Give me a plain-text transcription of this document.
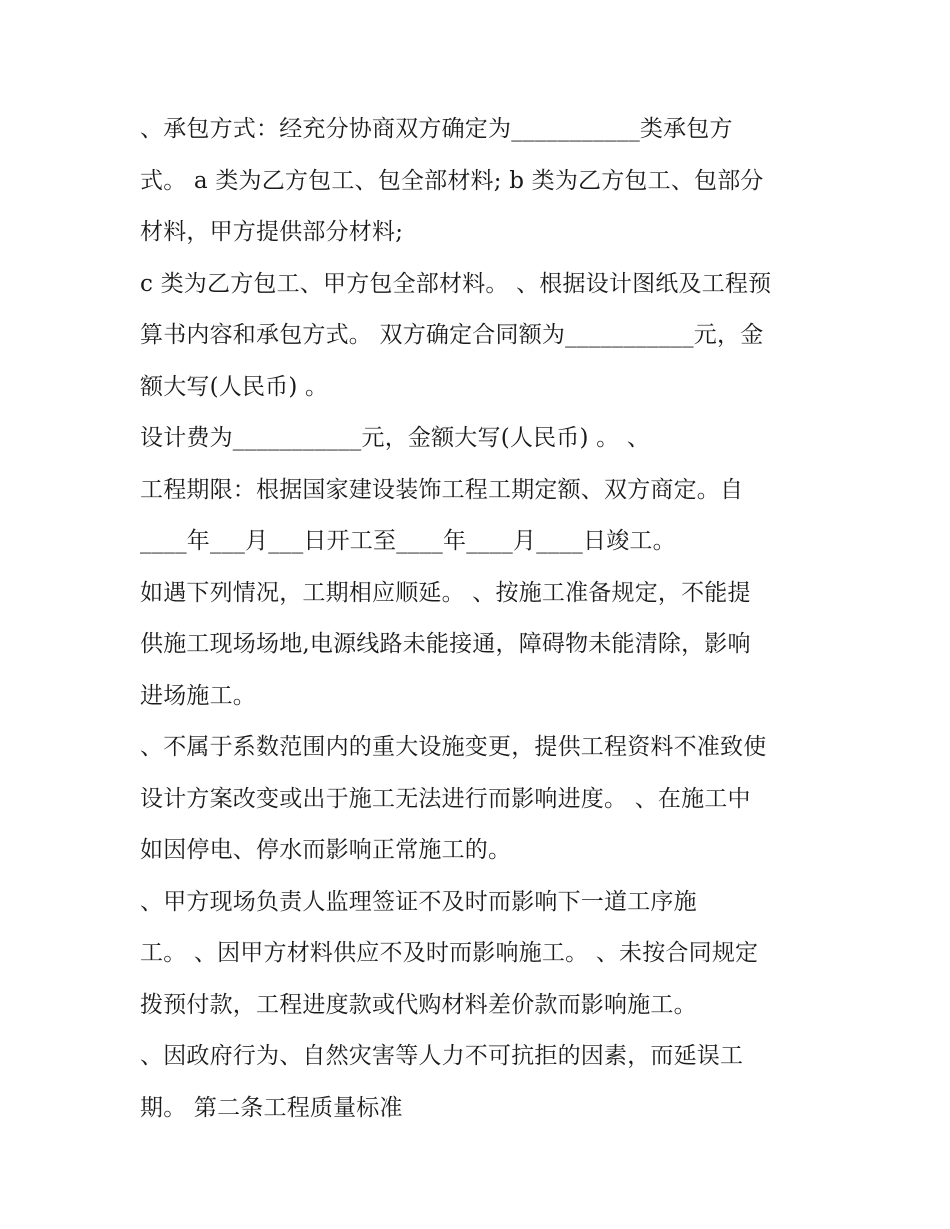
、承包方式：经充分协商双方确定为___________类承包方
式。 a 类为乙方包工、包全部材料; b 类为乙方包工、包部分
材料，甲方提供部分材料;
c 类为乙方包工、甲方包全部材料。 、根据设计图纸及工程预
算书内容和承包方式。 双方确定合同额为___________元，金
额大写(人民币) 。
设计费为___________元，金额大写(人民币) 。 、
工程期限：根据国家建设装饰工程工期定额、双方商定。自
____年___月___日开工至____年____月____日竣工。
如遇下列情况，工期相应顺延。 、按施工准备规定，不能提
供施工现场场地,电源线路未能接通，障碍物未能清除，影响
进场施工。
、不属于系数范围内的重大设施变更，提供工程资料不准致使
设计方案改变或出于施工无法进行而影响进度。 、在施工中
如因停电、停水而影响正常施工的。
、甲方现场负责人监理签证不及时而影响下一道工序施
工。 、因甲方材料供应不及时而影响施工。 、未按合同规定
拨预付款，工程进度款或代购材料差价款而影响施工。
、因政府行为、自然灾害等人力不可抗拒的因素，而延误工
期。 第二条工程质量标准
